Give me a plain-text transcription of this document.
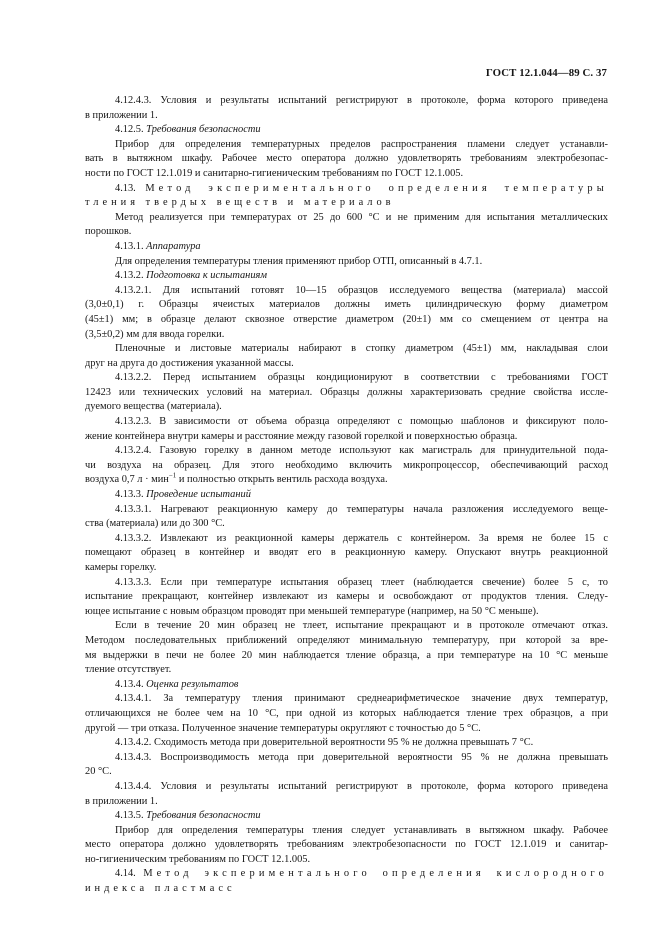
ГОСТ 12.1.044—89 С. 37
4.12.4.3. Условия и результаты испытаний регистрируют в протоколе, форма которого приведена
в приложении 1.
4.12.5. Требования безопасности
Прибор для определения температурных пределов распространения пламени следует устанавли-
вать в вытяжном шкафу. Рабочее место оператора должно удовлетворять требованиям электробезопас-
ности по ГОСТ 12.1.019 и санитарно-гигиеническим требованиям по ГОСТ 12.1.005.
4.13. Метод экспериментального определения температуры
тления твердых веществ и материалов
Метод реализуется при температурах от 25 до 600 °С и не применим для испытания металлических
порошков.
4.13.1. Аппаратура
Для определения температуры тления применяют прибор ОТП, описанный в 4.7.1.
4.13.2. Подготовка к испытаниям
4.13.2.1. Для испытаний готовят 10—15 образцов исследуемого вещества (материала) массой
(3,0±0,1) г. Образцы ячеистых материалов должны иметь цилиндрическую форму диаметром
(45±1) мм; в образце делают сквозное отверстие диаметром (20±1) мм со смещением от центра на
(3,5±0,2) мм для ввода горелки.
Пленочные и листовые материалы набирают в стопку диаметром (45±1) мм, накладывая слои
друг на друга до достижения указанной массы.
4.13.2.2. Перед испытанием образцы кондиционируют в соответствии с требованиями ГОСТ
12423 или технических условий на материал. Образцы должны характеризовать средние свойства иссле-
дуемого вещества (материала).
4.13.2.3. В зависимости от объема образца определяют с помощью шаблонов и фиксируют поло-
жение контейнера внутри камеры и расстояние между газовой горелкой и поверхностью образца.
4.13.2.4. Газовую горелку в данном методе используют как магистраль для принудительной пода-
чи воздуха на образец. Для этого необходимо включить микропроцессор, обеспечивающий расход
воздуха 0,7 л · мин$^{-1}$ и полностью открыть вентиль расхода воздуха.
4.13.3. Проведение испытаний
4.13.3.1. Нагревают реакционную камеру до температуры начала разложения исследуемого веще-
ства (материала) или до 300 °С.
4.13.3.2. Извлекают из реакционной камеры держатель с контейнером. За время не более 15 с
помещают образец в контейнер и вводят его в реакционную камеру. Опускают внутрь реакционной
камеры горелку.
4.13.3.3. Если при температуре испытания образец тлеет (наблюдается свечение) более 5 с, то
испытание прекращают, контейнер извлекают из камеры и освобождают от продуктов тления. Следу-
ющее испытание с новым образцом проводят при меньшей температуре (например, на 50 °С меньше).
Если в течение 20 мин образец не тлеет, испытание прекращают и в протоколе отмечают отказ.
Методом последовательных приближений определяют минимальную температуру, при которой за вре-
мя выдержки в печи не более 20 мин наблюдается тление образца, а при температуре на 10 °С меньше
тление отсутствует.
4.13.4. Оценка результатов
4.13.4.1. За температуру тления принимают среднеарифметическое значение двух температур,
отличающихся не более чем на 10 °С, при одной из которых наблюдается тление трех образцов, а при
другой — три отказа. Полученное значение температуры округляют с точностью до 5 °С.
4.13.4.2. Сходимость метода при доверительной вероятности 95 % не должна превышать 7 °С.
4.13.4.3. Воспроизводимость метода при доверительной вероятности 95 % не должна превышать
20 °С.
4.13.4.4. Условия и результаты испытаний регистрируют в протоколе, форма которого приведена
в приложении 1.
4.13.5. Требования безопасности
Прибор для определения температуры тления следует устанавливать в вытяжном шкафу. Рабочее
место оператора должно удовлетворять требованиям электробезопасности по ГОСТ 12.1.019 и санитар-
но-гигиеническим требованиям по ГОСТ 12.1.005.
4.14. Метод экспериментального определения кислородного
индекса пластмасс
